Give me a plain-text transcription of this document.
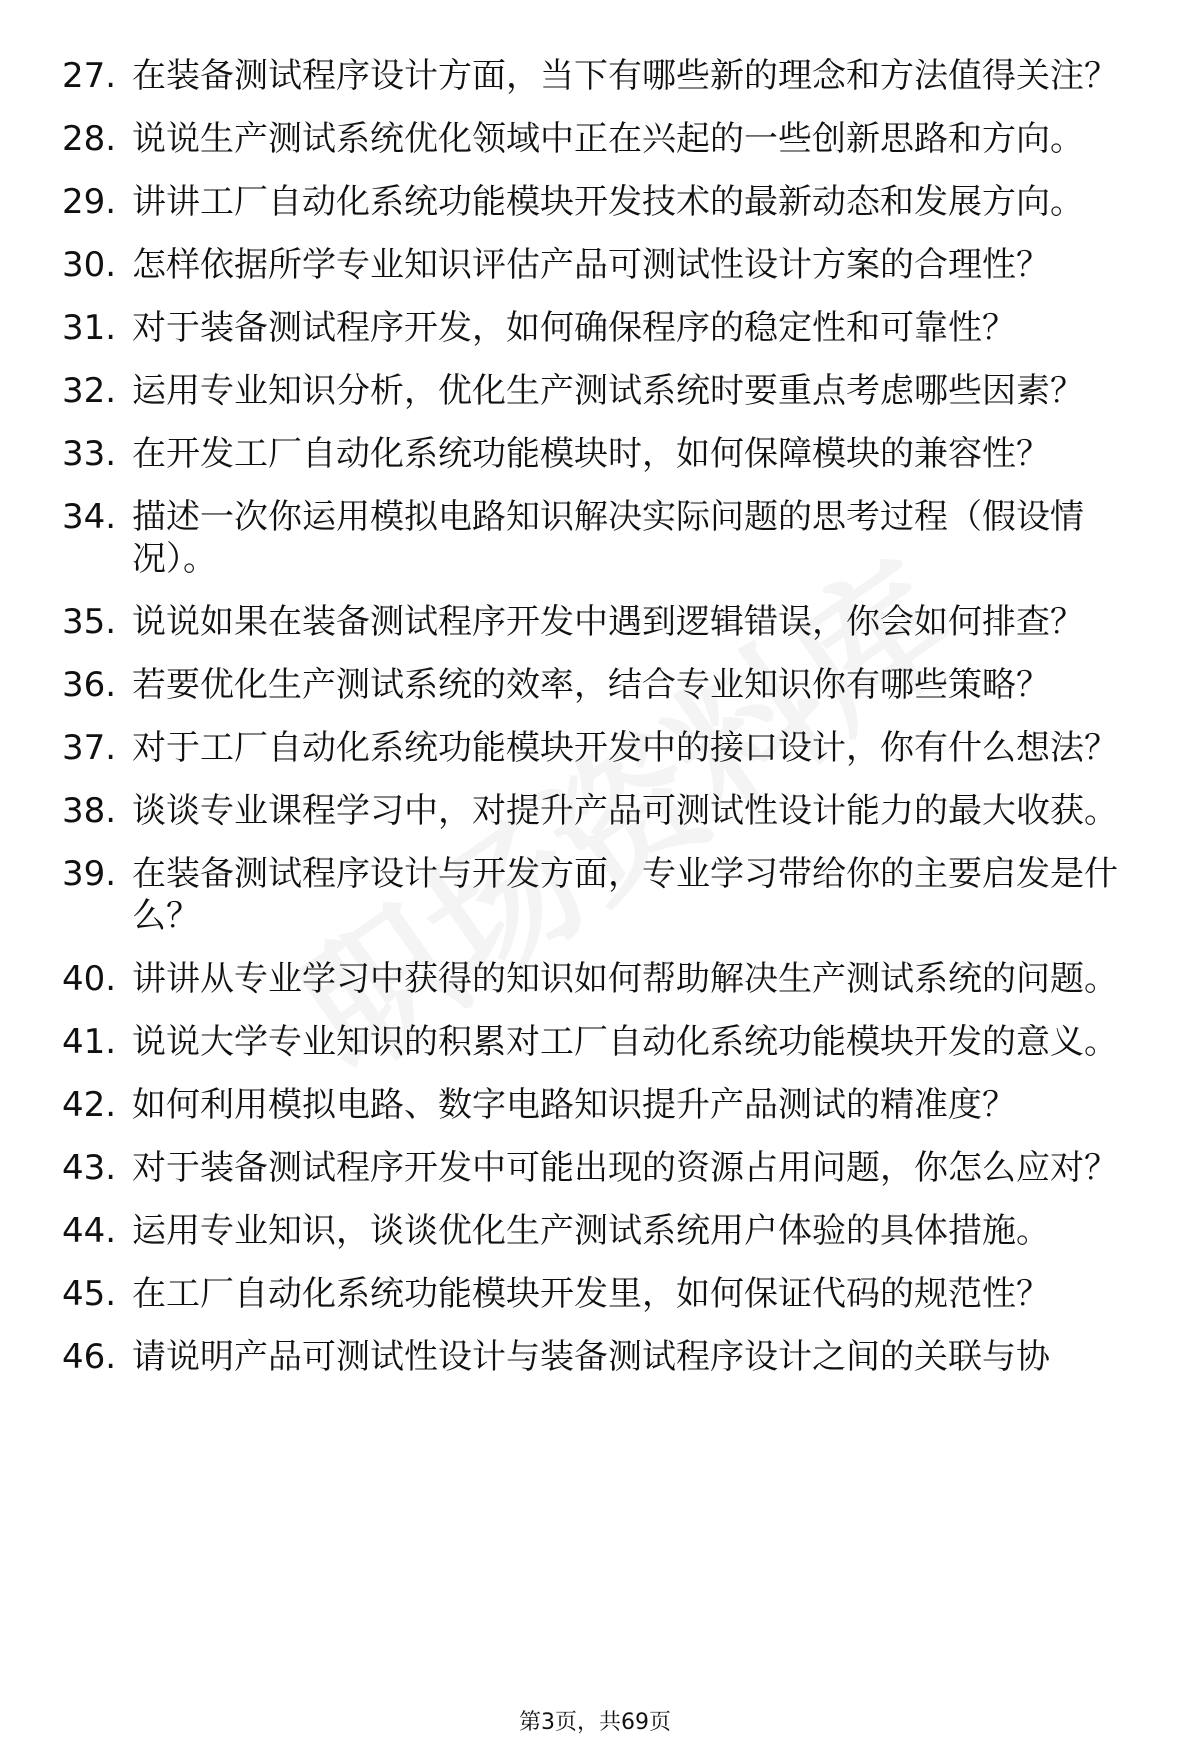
27. 在装备测试程序设计方面，当下有哪些新的理念和方法值得关注？
28. 说说生产测试系统优化领域中正在兴起的一些创新思路和方向。
29. 讲讲工厂自动化系统功能模块开发技术的最新动态和发展方向。
30. 怎样依据所学专业知识评估产品可测试性设计方案的合理性？
31. 对于装备测试程序开发，如何确保程序的稳定性和可靠性？
32. 运用专业知识分析，优化生产测试系统时要重点考虑哪些因素？
33. 在开发工厂自动化系统功能模块时，如何保障模块的兼容性？
34. 描述一次你运用模拟电路知识解决实际问题的思考过程（假设情况）。
35. 说说如果在装备测试程序开发中遇到逻辑错误，你会如何排查？
36. 若要优化生产测试系统的效率，结合专业知识你有哪些策略？
37. 对于工厂自动化系统功能模块开发中的接口设计，你有什么想法？
38. 谈谈专业课程学习中，对提升产品可测试性设计能力的最大收获。
39. 在装备测试程序设计与开发方面，专业学习带给你的主要启发是什么？
40. 讲讲从专业学习中获得的知识如何帮助解决生产测试系统的问题。
41. 说说大学专业知识的积累对工厂自动化系统功能模块开发的意义。
42. 如何利用模拟电路、数字电路知识提升产品测试的精准度？
43. 对于装备测试程序开发中可能出现的资源占用问题，你怎么应对？
44. 运用专业知识，谈谈优化生产测试系统用户体验的具体措施。
45. 在工厂自动化系统功能模块开发里，如何保证代码的规范性？
46. 请说明产品可测试性设计与装备测试程序设计之间的关联与协
第3页，共69页
